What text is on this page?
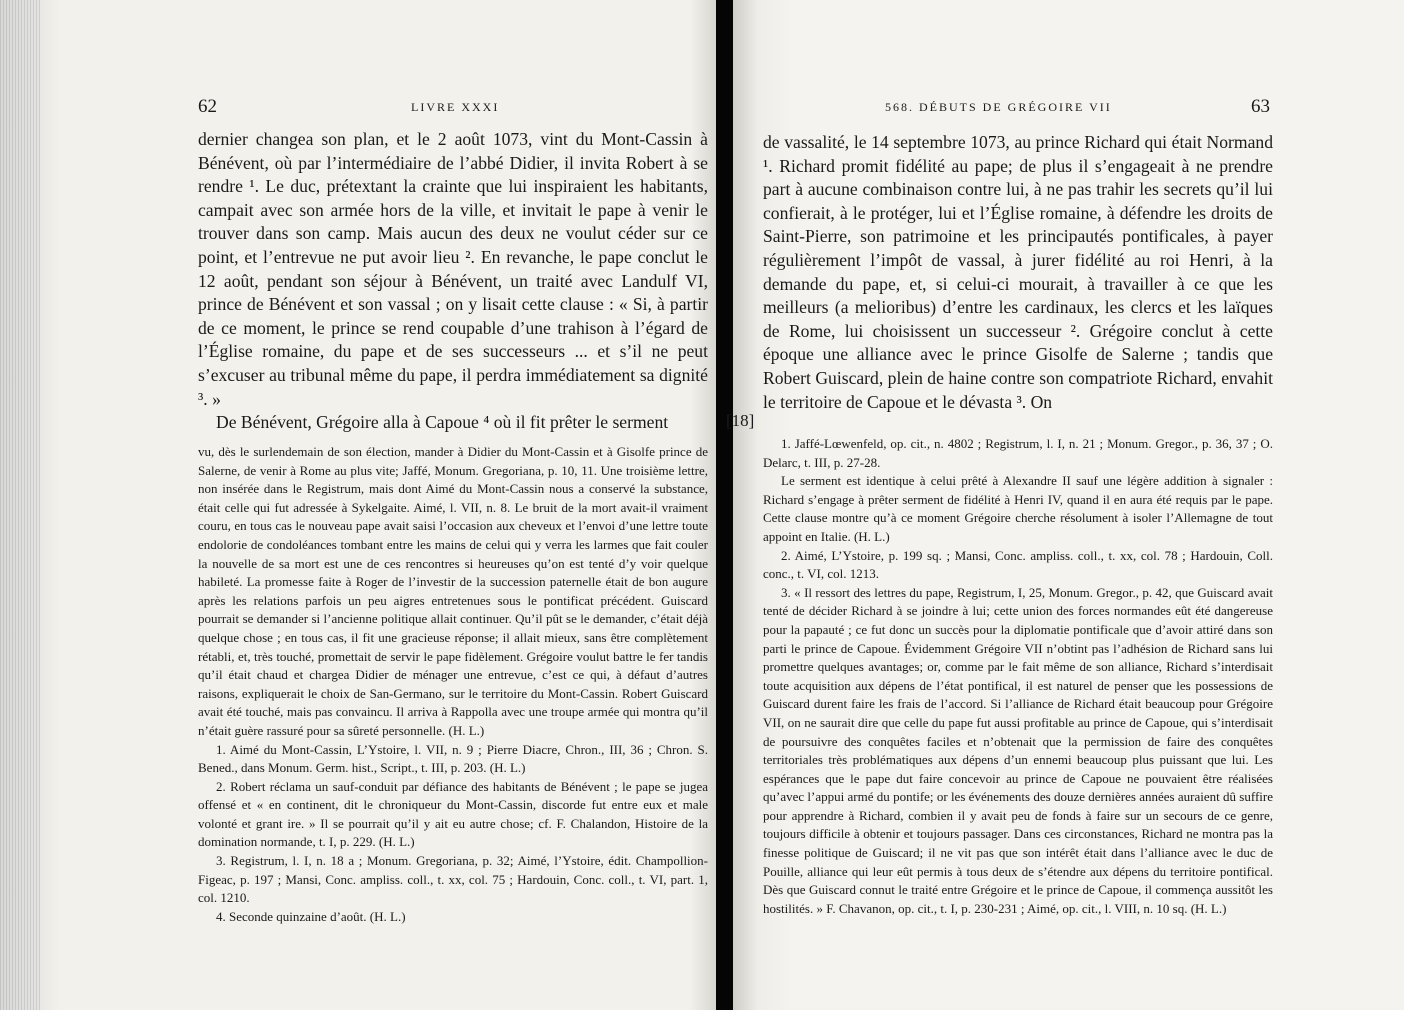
62	LIVRE XXXI

dernier changea son plan, et le 2 août 1073, vint du Mont-Cassin à Bénévent, où par l’intermédiaire de l’abbé Didier, il invita Robert à se rendre ¹. Le duc, prétextant la crainte que lui inspiraient les habitants, campait avec son armée hors de la ville, et invitait le pape à venir le trouver dans son camp. Mais aucun des deux ne voulut céder sur ce point, et l’entrevue ne put avoir lieu ². En revanche, le pape conclut le 12 août, pendant son séjour à Bénévent, un traité avec Landulf VI, prince de Bénévent et son vassal ; on y lisait cette clause : « Si, à partir de ce moment, le prince se rend coupable d’une trahison à l’égard de l’Église romaine, du pape et de ses successeurs ... et s’il ne peut s’excuser au tribunal même du pape, il perdra immédiatement sa dignité ³. »

De Bénévent, Grégoire alla à Capoue ⁴ où il fit prêter le serment

vu, dès le surlendemain de son élection, mander à Didier du Mont-Cassin et à Gisolfe prince de Salerne, de venir à Rome au plus vite; Jaffé, Monum. Gregoriana, p. 10, 11. Une troisième lettre, non insérée dans le Registrum, mais dont Aimé du Mont-Cassin nous a conservé la substance, était celle qui fut adressée à Sykelgaite. Aimé, l. VII, n. 8. Le bruit de la mort avait-il vraiment couru, en tous cas le nouveau pape avait saisi l’occasion aux cheveux et l’envoi d’une lettre toute endolorie de condoléances tombant entre les mains de celui qui y verra les larmes que fait couler la nouvelle de sa mort est une de ces rencontres si heureuses qu’on est tenté d’y voir quelque habileté. La promesse faite à Roger de l’investir de la succession paternelle était de bon augure après les relations parfois un peu aigres entretenues sous le pontificat précédent. Guiscard pourrait se demander si l’ancienne politique allait continuer. Qu’il pût se le demander, c’était déjà quelque chose ; en tous cas, il fit une gracieuse réponse; il allait mieux, sans être complètement rétabli, et, très touché, promettait de servir le pape fidèlement. Grégoire voulut battre le fer tandis qu’il était chaud et chargea Didier de ménager une entrevue, c’est ce qui, à défaut d’autres raisons, expliquerait le choix de San-Germano, sur le territoire du Mont-Cassin. Robert Guiscard avait été touché, mais pas convaincu. Il arriva à Rappolla avec une troupe armée qui montra qu’il n’était guère rassuré pour sa sûreté personnelle. (H. L.)

1. Aimé du Mont-Cassin, L’Ystoire, l. VII, n. 9 ; Pierre Diacre, Chron., III, 36 ; Chron. S. Bened., dans Monum. Germ. hist., Script., t. III, p. 203. (H. L.)

2. Robert réclama un sauf-conduit par défiance des habitants de Bénévent ; le pape se jugea offensé et « en continent, dit le chroniqueur du Mont-Cassin, discorde fut entre eux et male volonté et grant ire. » Il se pourrait qu’il y ait eu autre chose; cf. F. Chalandon, Histoire de la domination normande, t. I, p. 229. (H. L.)

3. Registrum, l. I, n. 18 a ; Monum. Gregoriana, p. 32; Aimé, l’Ystoire, édit. Champollion-Figeac, p. 197 ; Mansi, Conc. ampliss. coll., t. xx, col. 75 ; Hardouin, Conc. coll., t. VI, part. 1, col. 1210.

4. Seconde quinzaine d’août. (H. L.)

568. DÉBUTS DE GRÉGOIRE VII	63
[18]

de vassalité, le 14 septembre 1073, au prince Richard qui était Normand ¹. Richard promit fidélité au pape; de plus il s’engageait à ne prendre part à aucune combinaison contre lui, à ne pas trahir les secrets qu’il lui confierait, à le protéger, lui et l’Église romaine, à défendre les droits de Saint-Pierre, son patrimoine et les principautés pontificales, à payer régulièrement l’impôt de vassal, à jurer fidélité au roi Henri, à la demande du pape, et, si celui-ci mourait, à travailler à ce que les meilleurs (a melioribus) d’entre les cardinaux, les clercs et les laïques de Rome, lui choisissent un successeur ². Grégoire conclut à cette époque une alliance avec le prince Gisolfe de Salerne ; tandis que Robert Guiscard, plein de haine contre son compatriote Richard, envahit le territoire de Capoue et le dévasta ³. On

1. Jaffé-Lœwenfeld, op. cit., n. 4802 ; Registrum, l. I, n. 21 ; Monum. Gregor., p. 36, 37 ; O. Delarc, t. III, p. 27-28.

Le serment est identique à celui prêté à Alexandre II sauf une légère addition à signaler : Richard s’engage à prêter serment de fidélité à Henri IV, quand il en aura été requis par le pape. Cette clause montre qu’à ce moment Grégoire cherche résolument à isoler l’Allemagne de tout appoint en Italie. (H. L.)

2. Aimé, L’Ystoire, p. 199 sq. ; Mansi, Conc. ampliss. coll., t. xx, col. 78 ; Hardouin, Coll. conc., t. VI, col. 1213.

3. « Il ressort des lettres du pape, Registrum, I, 25, Monum. Gregor., p. 42, que Guiscard avait tenté de décider Richard à se joindre à lui; cette union des forces normandes eût été dangereuse pour la papauté ; ce fut donc un succès pour la diplomatie pontificale que d’avoir attiré dans son parti le prince de Capoue. Évidemment Grégoire VII n’obtint pas l’adhésion de Richard sans lui promettre quelques avantages; or, comme par le fait même de son alliance, Richard s’interdisait toute acquisition aux dépens de l’état pontifical, il est naturel de penser que les possessions de Guiscard durent faire les frais de l’accord. Si l’alliance de Richard était beaucoup pour Grégoire VII, on ne saurait dire que celle du pape fut aussi profitable au prince de Capoue, qui s’interdisait de poursuivre des conquêtes faciles et n’obtenait que la permission de faire des conquêtes territoriales très problématiques aux dépens d’un ennemi beaucoup plus puissant que lui. Les espérances que le pape dut faire concevoir au prince de Capoue ne pouvaient être réalisées qu’avec l’appui armé du pontife; or les événements des douze dernières années auraient dû suffire pour apprendre à Richard, combien il y avait peu de fonds à faire sur un secours de ce genre, toujours difficile à obtenir et toujours passager. Dans ces circonstances, Richard ne montra pas la finesse politique de Guiscard; il ne vit pas que son intérêt était dans l’alliance avec le duc de Pouille, alliance qui leur eût permis à tous deux de s’étendre aux dépens du territoire pontifical. Dès que Guiscard connut le traité entre Grégoire et le prince de Capoue, il commença aussitôt les hostilités. » F. Chavanon, op. cit., t. I, p. 230-231 ; Aimé, op. cit., l. VIII, n. 10 sq. (H. L.)
